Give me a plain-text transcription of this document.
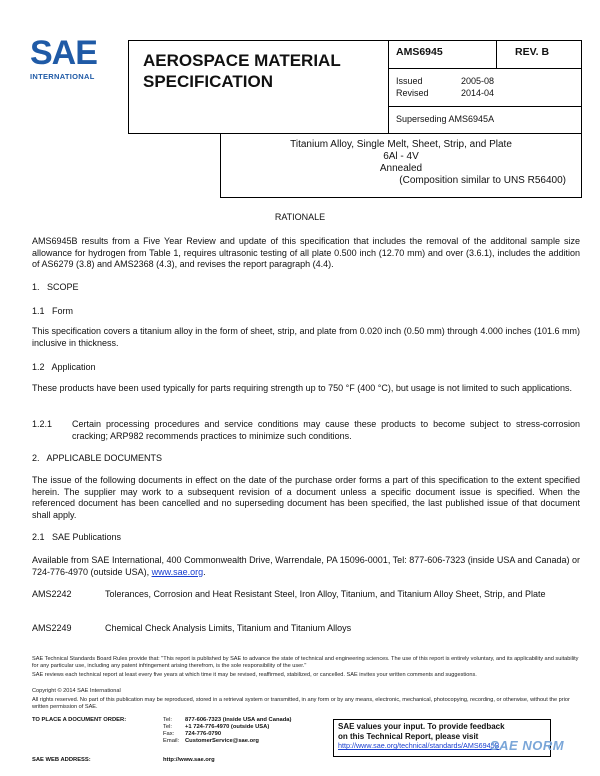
SAE
INTERNATIONAL
AEROSPACE MATERIAL
SPECIFICATION
AMS6945	REV. B
Issued	2005-08
Revised	2014-04
Superseding AMS6945A
Titanium Alloy, Single Melt, Sheet, Strip, and Plate
6Al - 4V
Annealed
(Composition similar to UNS R56400)
RATIONALE
AMS6945B results from a Five Year Review and update of this specification that includes the removal of the additonal sample size allowance for hydrogen from Table 1, requires ultrasonic testing of all plate 0.500 inch (12.70 mm) and over (3.6.1), includes the addition of AS6279 (3.8) and AMS2368 (4.3), and revises the report paragraph (4.4).
1.   SCOPE
1.1   Form
This specification covers a titanium alloy in the form of sheet, strip, and plate from 0.020 inch (0.50 mm) through 4.000 inches (101.6 mm) inclusive in thickness.
1.2   Application
These products have been used typically for parts requiring strength up to 750 °F (400 °C), but usage is not limited to such applications.
1.2.1 Certain processing procedures and service conditions may cause these products to become subject to stress-corrosion cracking; ARP982 recommends practices to minimize such conditions.
2.   APPLICABLE DOCUMENTS
The issue of the following documents in effect on the date of the purchase order forms a part of this specification to the extent specified herein. The supplier may work to a subsequent revision of a document unless a specific document issue is specified. When the referenced document has been cancelled and no superseding document has been specified, the last published issue of that document shall apply.
2.1   SAE Publications
Available from SAE International, 400 Commonwealth Drive, Warrendale, PA 15096-0001, Tel: 877-606-7323 (inside USA and Canada) or 724-776-4970 (outside USA), www.sae.org.
AMS2242	Tolerances, Corrosion and Heat Resistant Steel, Iron Alloy, Titanium, and Titanium Alloy Sheet, Strip, and Plate
AMS2249	Chemical Check Analysis Limits, Titanium and Titanium Alloys
SAE Technical Standards Board Rules provide that: "This report is published by SAE to advance the state of technical and engineering sciences. The use of this report is entirely voluntary, and its applicability and suitability for any particular use, including any patent infringement arising therefrom, is the sole responsibility of the user."
SAE reviews each technical report at least every five years at which time it may be revised, reaffirmed, stabilized, or cancelled. SAE invites your written comments and suggestions.
Copyright © 2014 SAE International
All rights reserved. No part of this publication may be reproduced, stored in a retrieval system or transmitted, in any form or by any means, electronic, mechanical, photocopying, recording, or otherwise, without the prior written permission of SAE.
TO PLACE A DOCUMENT ORDER:	Tel: 877-606-7323 (inside USA and Canada)
Tel: +1 724-776-4970 (outside USA)
Fax: 724-776-0790
Email: CustomerService@sae.org
SAE WEB ADDRESS:	http://www.sae.org
SAE values your input. To provide feedback
on this Technical Report, please visit
http://www.sae.org/technical/standards/AMS6945B
SAE NORM
